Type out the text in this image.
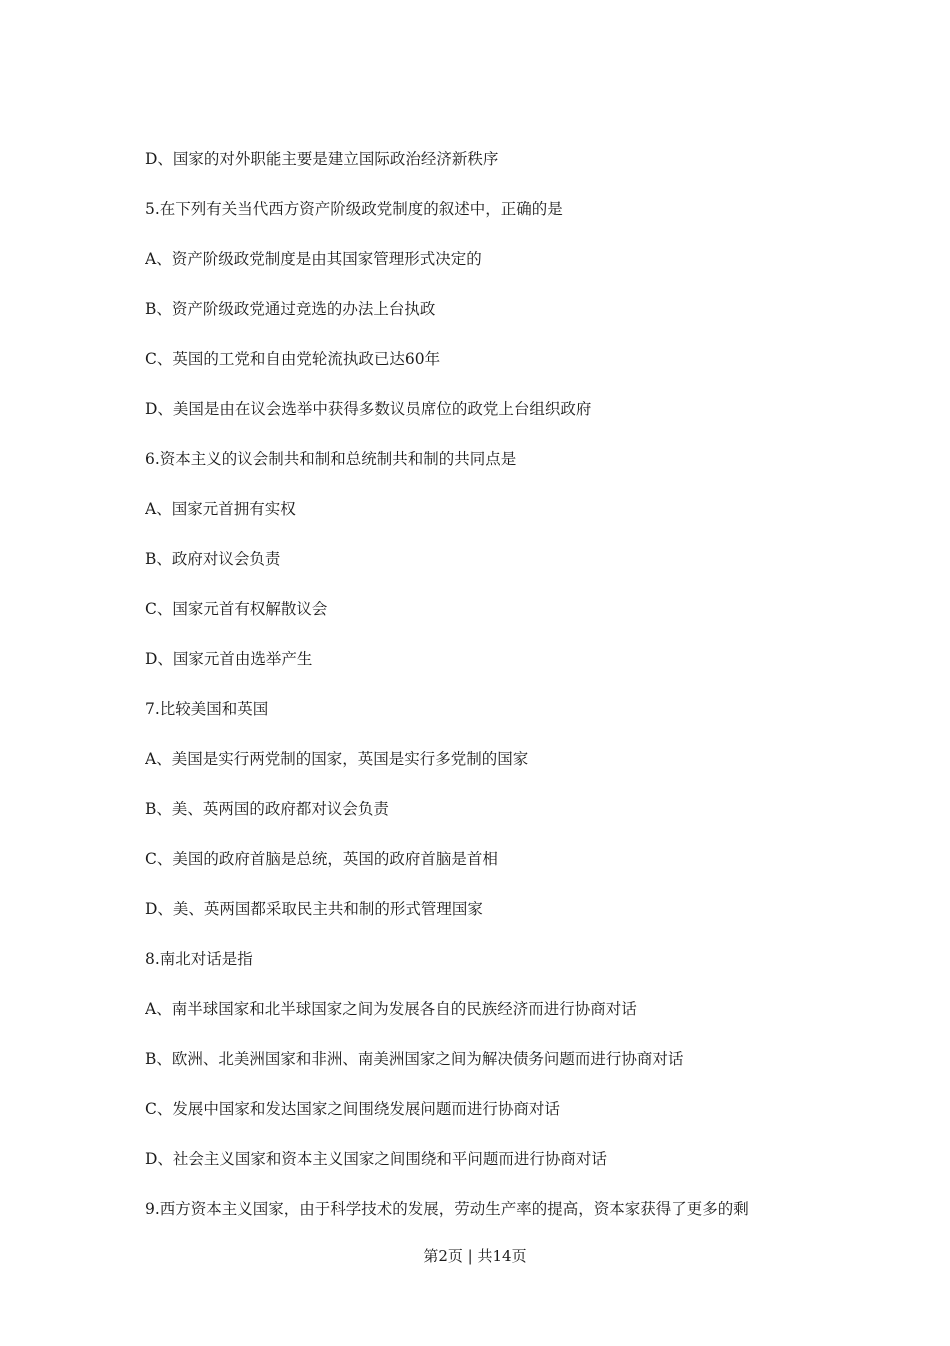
D、国家的对外职能主要是建立国际政治经济新秩序
5.在下列有关当代西方资产阶级政党制度的叙述中，正确的是
A、资产阶级政党制度是由其国家管理形式决定的
B、资产阶级政党通过竞选的办法上台执政
C、英国的工党和自由党轮流执政已达60年
D、美国是由在议会选举中获得多数议员席位的政党上台组织政府
6.资本主义的议会制共和制和总统制共和制的共同点是
A、国家元首拥有实权
B、政府对议会负责
C、国家元首有权解散议会
D、国家元首由选举产生
7.比较美国和英国
A、美国是实行两党制的国家，英国是实行多党制的国家
B、美、英两国的政府都对议会负责
C、美国的政府首脑是总统，英国的政府首脑是首相
D、美、英两国都采取民主共和制的形式管理国家
8.南北对话是指
A、南半球国家和北半球国家之间为发展各自的民族经济而进行协商对话
B、欧洲、北美洲国家和非洲、南美洲国家之间为解决债务问题而进行协商对话
C、发展中国家和发达国家之间围绕发展问题而进行协商对话
D、社会主义国家和资本主义国家之间围绕和平问题而进行协商对话
9.西方资本主义国家，由于科学技术的发展，劳动生产率的提高，资本家获得了更多的剩
第2页 | 共14页
